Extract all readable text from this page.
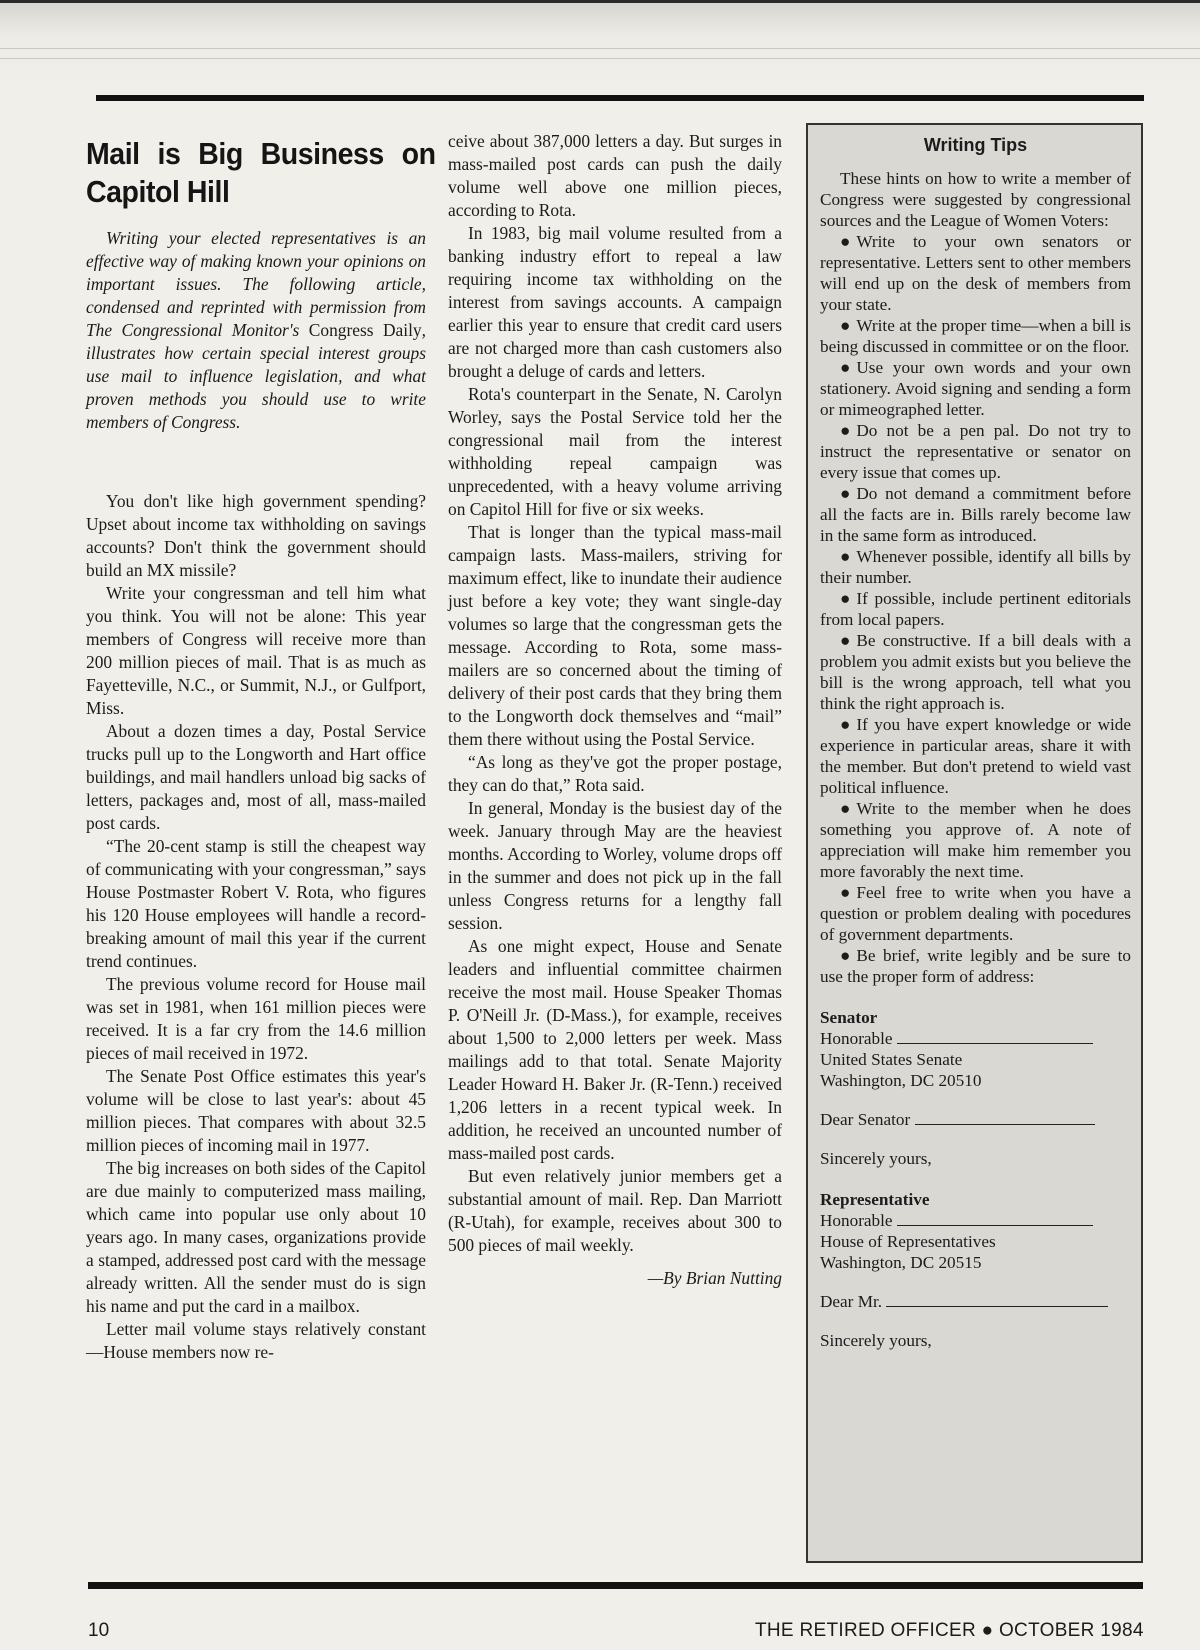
Mail is Big Business on Capitol Hill

Writing your elected representatives is an effective way of making known your opinions on important issues. The following article, condensed and reprinted with permission from The Congressional Monitor's Congress Daily, illustrates how certain special interest groups use mail to influence legislation, and what proven methods you should use to write members of Congress.

You don't like high government spending? Upset about income tax withholding on savings accounts? Don't think the government should build an MX missile?

Write your congressman and tell him what you think. You will not be alone: This year members of Congress will receive more than 200 million pieces of mail. That is as much as Fayetteville, N.C., or Summit, N.J., or Gulfport, Miss.

About a dozen times a day, Postal Service trucks pull up to the Longworth and Hart office buildings, and mail handlers unload big sacks of letters, packages and, most of all, mass-mailed post cards.

“The 20-cent stamp is still the cheapest way of communicating with your congressman,” says House Postmaster Robert V. Rota, who figures his 120 House employees will handle a record-breaking amount of mail this year if the current trend continues.

The previous volume record for House mail was set in 1981, when 161 million pieces were received. It is a far cry from the 14.6 million pieces of mail received in 1972.

The Senate Post Office estimates this year's volume will be close to last year's: about 45 million pieces. That compares with about 32.5 million pieces of incoming mail in 1977.

The big increases on both sides of the Capitol are due mainly to computerized mass mailing, which came into popular use only about 10 years ago. In many cases, organizations provide a stamped, addressed post card with the message already written. All the sender must do is sign his name and put the card in a mailbox.

Letter mail volume stays relatively constant—House members now re-

ceive about 387,000 letters a day. But surges in mass-mailed post cards can push the daily volume well above one million pieces, according to Rota.

In 1983, big mail volume resulted from a banking industry effort to repeal a law requiring income tax withholding on the interest from savings accounts. A campaign earlier this year to ensure that credit card users are not charged more than cash customers also brought a deluge of cards and letters.

Rota's counterpart in the Senate, N. Carolyn Worley, says the Postal Service told her the congressional mail from the interest withholding repeal campaign was unprecedented, with a heavy volume arriving on Capitol Hill for five or six weeks.

That is longer than the typical mass-mail campaign lasts. Mass-mailers, striving for maximum effect, like to inundate their audience just before a key vote; they want single-day volumes so large that the congressman gets the message. According to Rota, some mass-mailers are so concerned about the timing of delivery of their post cards that they bring them to the Longworth dock themselves and “mail” them there without using the Postal Service.

“As long as they've got the proper postage, they can do that,” Rota said.

In general, Monday is the busiest day of the week. January through May are the heaviest months. According to Worley, volume drops off in the summer and does not pick up in the fall unless Congress returns for a lengthy fall session.

As one might expect, House and Senate leaders and influential committee chairmen receive the most mail. House Speaker Thomas P. O'Neill Jr. (D-Mass.), for example, receives about 1,500 to 2,000 letters per week. Mass mailings add to that total. Senate Majority Leader Howard H. Baker Jr. (R-Tenn.) received 1,206 letters in a recent typical week. In addition, he received an uncounted number of mass-mailed post cards.

But even relatively junior members get a substantial amount of mail. Rep. Dan Marriott (R-Utah), for example, receives about 300 to 500 pieces of mail weekly.

—By Brian Nutting
Writing Tips

These hints on how to write a member of Congress were suggested by congressional sources and the League of Women Voters:

● Write to your own senators or representative. Letters sent to other members will end up on the desk of members from your state.
● Write at the proper time—when a bill is being discussed in committee or on the floor.
● Use your own words and your own stationery. Avoid signing and sending a form or mimeographed letter.
● Do not be a pen pal. Do not try to instruct the representative or senator on every issue that comes up.
● Do not demand a commitment before all the facts are in. Bills rarely become law in the same form as introduced.
● Whenever possible, identify all bills by their number.
● If possible, include pertinent editorials from local papers.
● Be constructive. If a bill deals with a problem you admit exists but you believe the bill is the wrong approach, tell what you think the right approach is.
● If you have expert knowledge or wide experience in particular areas, share it with the member. But don't pretend to wield vast political influence.
● Write to the member when he does something you approve of. A note of appreciation will make him remember you more favorably the next time.
● Feel free to write when you have a question or problem dealing with pocedures of government departments.
● Be brief, write legibly and be sure to use the proper form of address:
Senator
Honorable
United States Senate
Washington, DC 20510
Dear Senator
Sincerely yours,
Representative
Honorable
House of Representatives
Washington, DC 20515
Dear Mr.
Sincerely yours,
10	THE RETIRED OFFICER ● OCTOBER 1984
